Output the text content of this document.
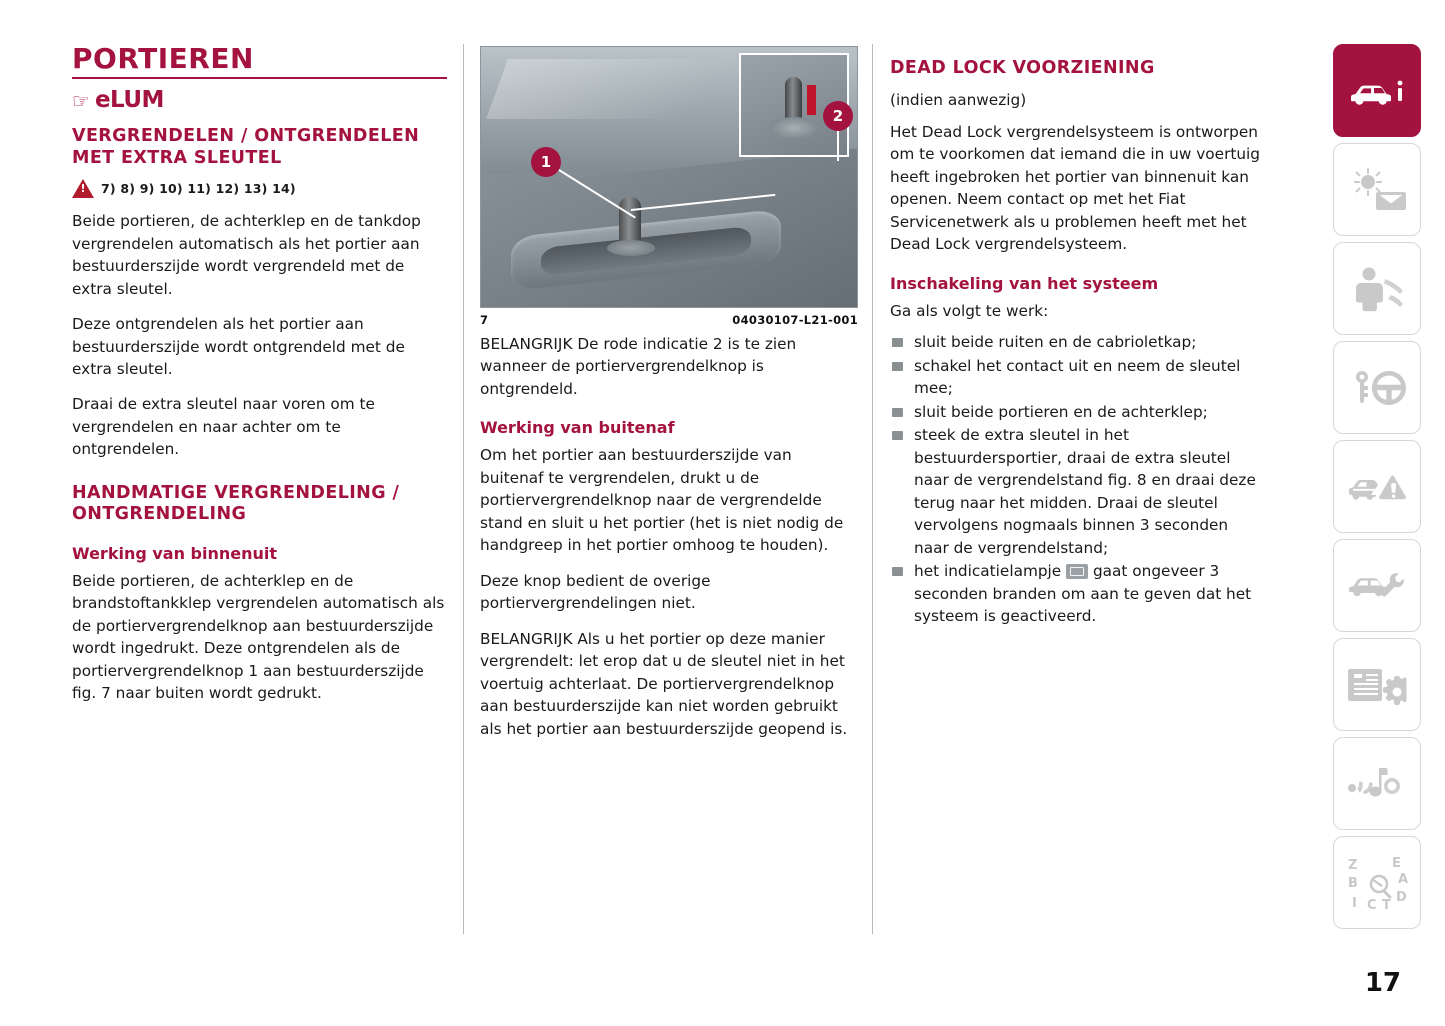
PORTIEREN
☞ eLUM
VERGRENDELEN / ONTGRENDELEN MET EXTRA SLEUTEL
!
7) 8) 9) 10) 11) 12) 13) 14)

Beide portieren, de achterklep en de tankdop vergrendelen automatisch als het portier aan bestuurderszijde wordt vergrendeld met de extra sleutel.

Deze ontgrendelen als het portier aan bestuurderszijde wordt ontgrendeld met de extra sleutel.

Draai de extra sleutel naar voren om te vergrendelen en naar achter om te ontgrendelen.

HANDMATIGE VERGRENDELING / ONTGRENDELING
Werking van binnenuit

Beide portieren, de achterklep en de brandstoftankklep vergrendelen automatisch als de portiervergrendelknop aan bestuurderszijde wordt ingedrukt. Deze ontgrendelen als de portiervergrendelknop 1 aan bestuurderszijde fig. 7 naar buiten wordt gedrukt.

1
2
7	04030107-L21-001

BELANGRIJK De rode indicatie 2 is te zien wanneer de portiervergrendelknop is ontgrendeld.

Werking van buitenaf

Om het portier aan bestuurderszijde van buitenaf te vergrendelen, drukt u de portiervergrendelknop naar de vergrendelde stand en sluit u het portier (het is niet nodig de handgreep in het portier omhoog te houden).

Deze knop bedient de overige portiervergrendelingen niet.

BELANGRIJK Als u het portier op deze manier vergrendelt: let erop dat u de sleutel niet in het voertuig achterlaat. De portiervergrendelknop aan bestuurderszijde kan niet worden gebruikt als het portier aan bestuurderszijde geopend is.

DEAD LOCK VOORZIENING

(indien aanwezig)

Het Dead Lock vergrendelsysteem is ontworpen om te voorkomen dat iemand die in uw voertuig heeft ingebroken het portier van binnenuit kan openen. Neem contact op met het Fiat Servicenetwerk als u problemen heeft met het Dead Lock vergrendelsysteem.

Inschakeling van het systeem

Ga als volgt te werk:

sluit beide ruiten en de cabrioletkap;
schakel het contact uit en neem de sleutel mee;
sluit beide portieren en de achterklep;
steek de extra sleutel in het bestuurdersportier, draai de extra sleutel naar de vergrendelstand fig. 8 en draai deze terug naar het midden. Draai de sleutel vervolgens nogmaals binnen 3 seconden naar de vergrendelstand;
het indicatielampje gaat ongeveer 3 seconden branden om aan te geven dat het systeem is geactiveerd.
Z
B
I C T
D
A
E
17
